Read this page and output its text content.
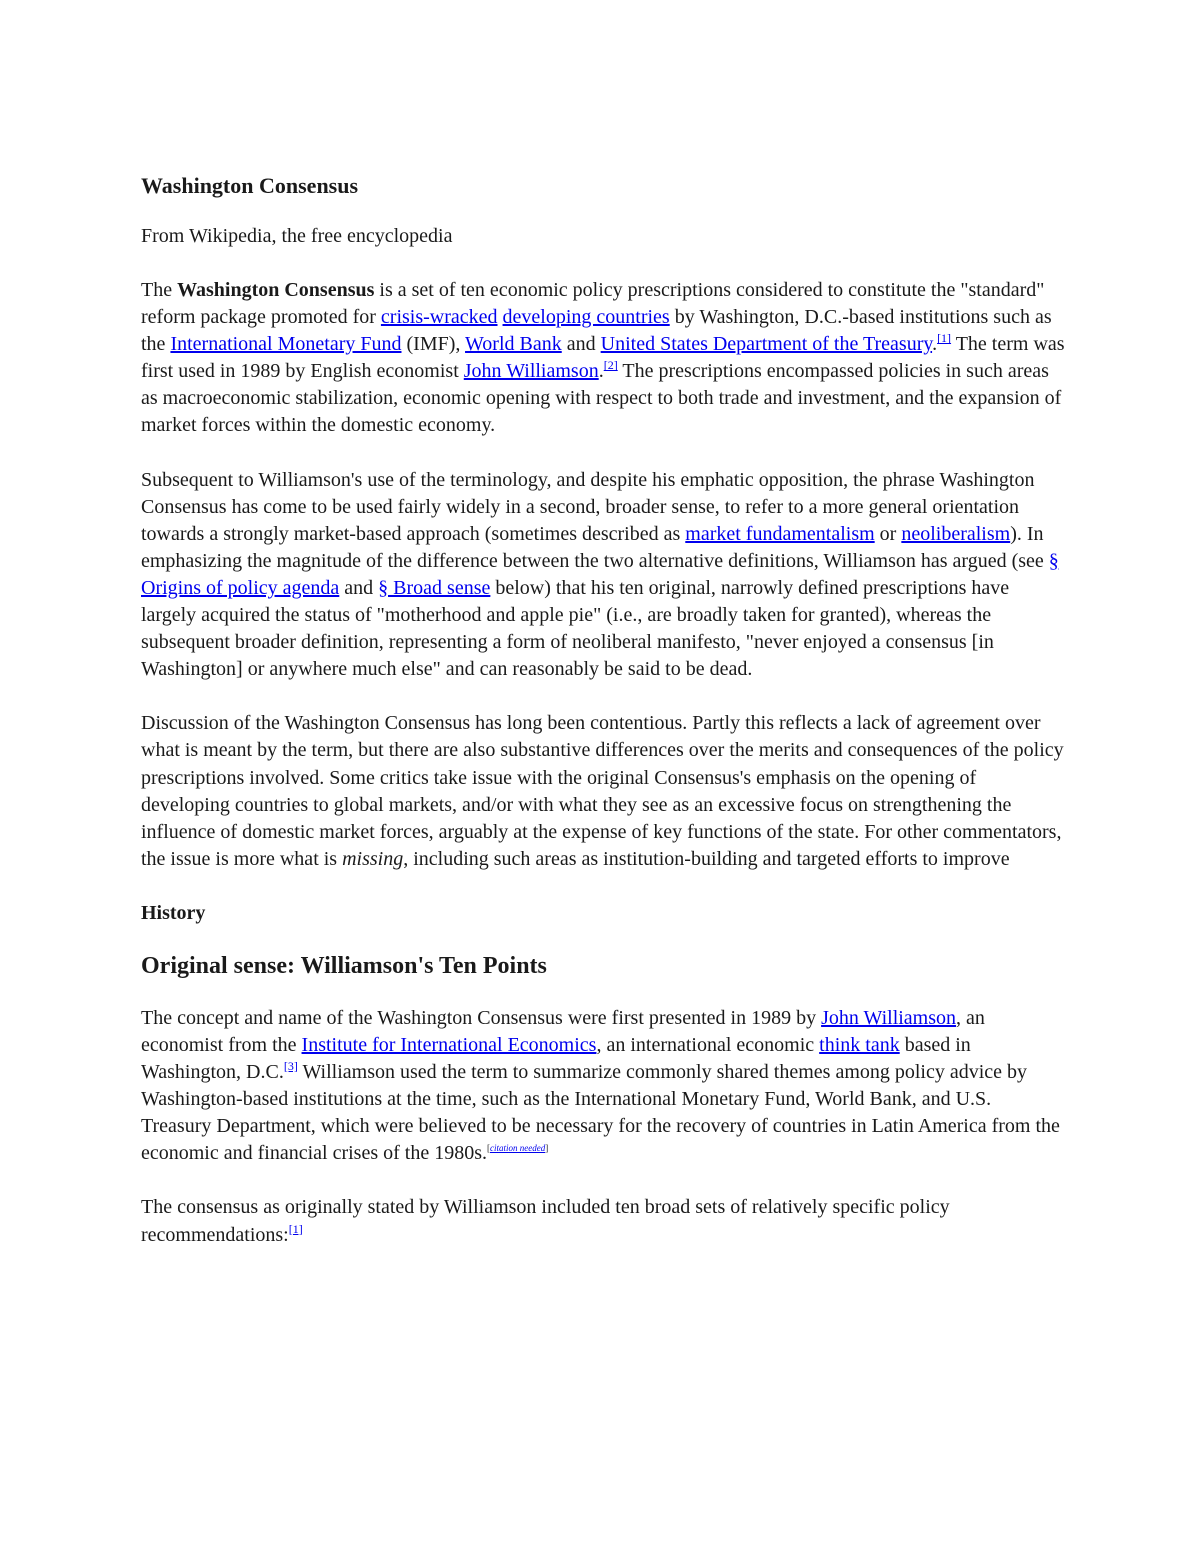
Washington Consensus
From Wikipedia, the free encyclopedia

The Washington Consensus is a set of ten economic policy prescriptions considered to constitute the "standard" reform package promoted for crisis-wracked developing countries by Washington, D.C.-based institutions such as the International Monetary Fund (IMF), World Bank and United States Department of the Treasury.[1] The term was first used in 1989 by English economist John Williamson.[2] The prescriptions encompassed policies in such areas as macroeconomic stabilization, economic opening with respect to both trade and investment, and the expansion of market forces within the domestic economy.

Subsequent to Williamson's use of the terminology, and despite his emphatic opposition, the phrase Washington Consensus has come to be used fairly widely in a second, broader sense, to refer to a more general orientation towards a strongly market-based approach (sometimes described as market fundamentalism or neoliberalism). In emphasizing the magnitude of the difference between the two alternative definitions, Williamson has argued (see § Origins of policy agenda and § Broad sense below) that his ten original, narrowly defined prescriptions have largely acquired the status of "motherhood and apple pie" (i.e., are broadly taken for granted), whereas the subsequent broader definition, representing a form of neoliberal manifesto, "never enjoyed a consensus [in Washington] or anywhere much else" and can reasonably be said to be dead.

Discussion of the Washington Consensus has long been contentious. Partly this reflects a lack of agreement over what is meant by the term, but there are also substantive differences over the merits and consequences of the policy prescriptions involved. Some critics take issue with the original Consensus's emphasis on the opening of developing countries to global markets, and/or with what they see as an excessive focus on strengthening the influence of domestic market forces, arguably at the expense of key functions of the state. For other commentators, the issue is more what is missing, including such areas as institution-building and targeted efforts to improve

History
Original sense: Williamson's Ten Points

The concept and name of the Washington Consensus were first presented in 1989 by John Williamson, an economist from the Institute for International Economics, an international economic think tank based in Washington, D.C.[3] Williamson used the term to summarize commonly shared themes among policy advice by Washington-based institutions at the time, such as the International Monetary Fund, World Bank, and U.S. Treasury Department, which were believed to be necessary for the recovery of countries in Latin America from the economic and financial crises of the 1980s.[citation needed]

The consensus as originally stated by Williamson included ten broad sets of relatively specific policy recommendations:[1]
